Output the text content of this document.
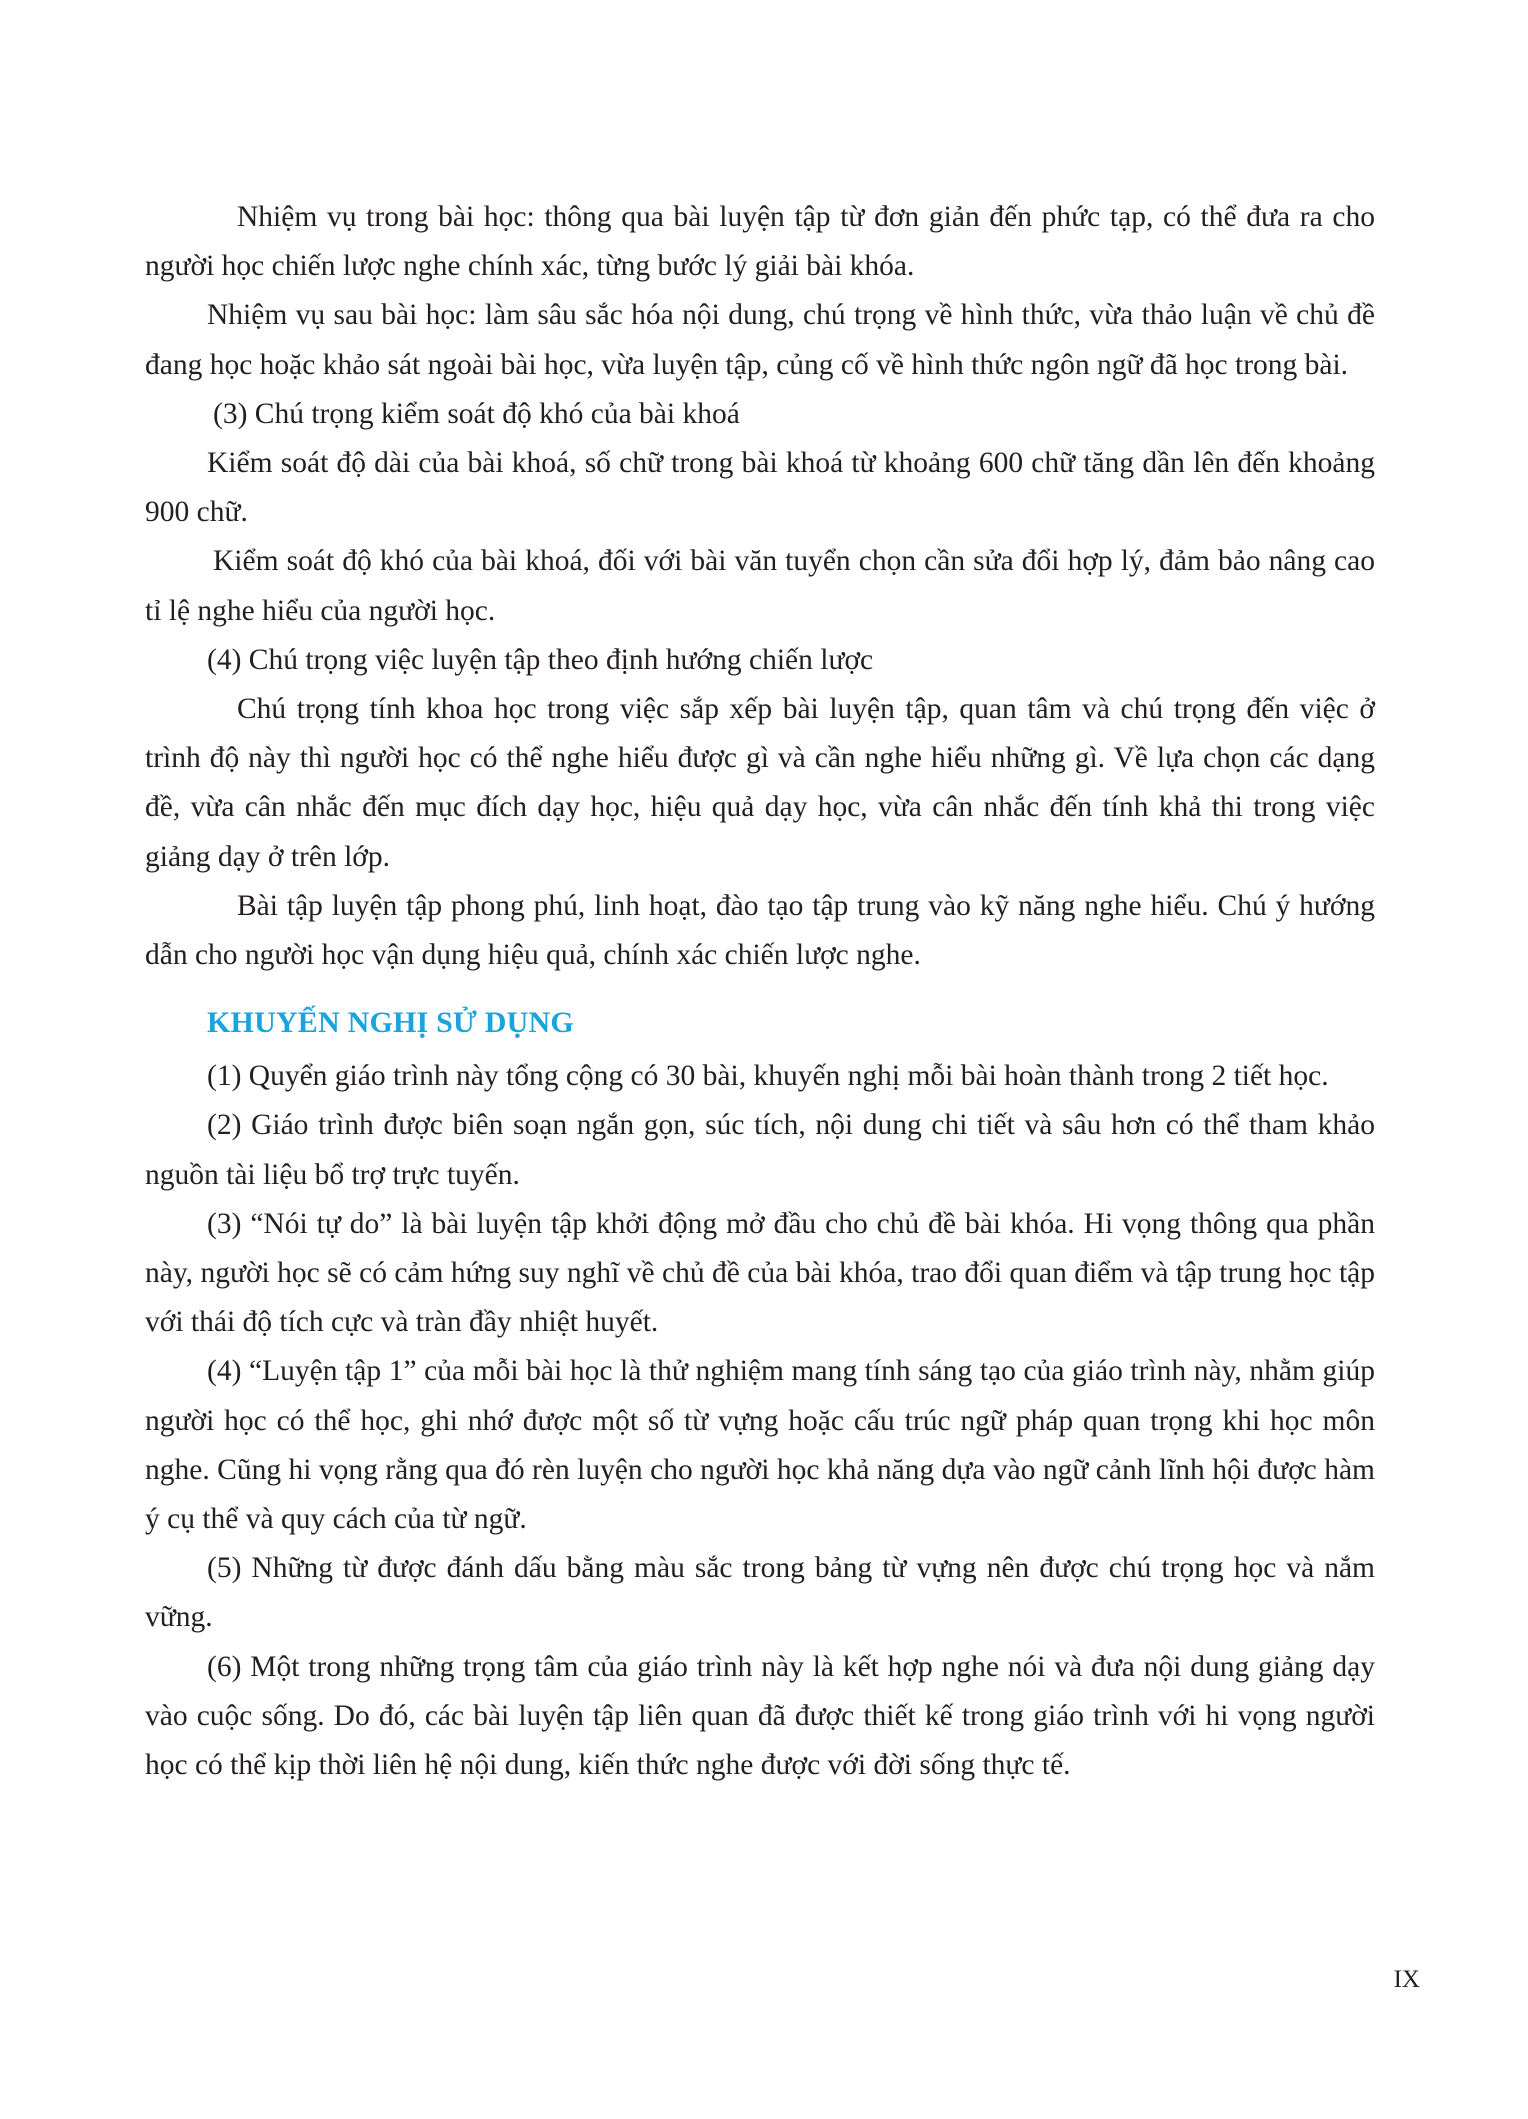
Nhiệm vụ trong bài học: thông qua bài luyện tập từ đơn giản đến phức tạp, có thể đưa ra cho người học chiến lược nghe chính xác, từng bước lý giải bài khóa.

Nhiệm vụ sau bài học: làm sâu sắc hóa nội dung, chú trọng về hình thức, vừa thảo luận về chủ đề đang học hoặc khảo sát ngoài bài học, vừa luyện tập, củng cố về hình thức ngôn ngữ đã học trong bài.

(3) Chú trọng kiểm soát độ khó của bài khoá

Kiểm soát độ dài của bài khoá, số chữ trong bài khoá từ khoảng 600 chữ tăng dần lên đến khoảng 900 chữ.

Kiểm soát độ khó của bài khoá, đối với bài văn tuyển chọn cần sửa đổi hợp lý, đảm bảo nâng cao tỉ lệ nghe hiểu của người học.

(4) Chú trọng việc luyện tập theo định hướng chiến lược

Chú trọng tính khoa học trong việc sắp xếp bài luyện tập, quan tâm và chú trọng đến việc ở trình độ này thì người học có thể nghe hiểu được gì và cần nghe hiểu những gì. Về lựa chọn các dạng đề, vừa cân nhắc đến mục đích dạy học, hiệu quả dạy học, vừa cân nhắc đến tính khả thi trong việc giảng dạy ở trên lớp.

Bài tập luyện tập phong phú, linh hoạt, đào tạo tập trung vào kỹ năng nghe hiểu. Chú ý hướng dẫn cho người học vận dụng hiệu quả, chính xác chiến lược nghe.

KHUYẾN NGHỊ SỬ DỤNG

(1) Quyển giáo trình này tổng cộng có 30 bài, khuyến nghị mỗi bài hoàn thành trong 2 tiết học.

(2) Giáo trình được biên soạn ngắn gọn, súc tích, nội dung chi tiết và sâu hơn có thể tham khảo nguồn tài liệu bổ trợ trực tuyến.

(3) “Nói tự do” là bài luyện tập khởi động mở đầu cho chủ đề bài khóa. Hi vọng thông qua phần này, người học sẽ có cảm hứng suy nghĩ về chủ đề của bài khóa, trao đổi quan điểm và tập trung học tập với thái độ tích cực và tràn đầy nhiệt huyết.

(4) “Luyện tập 1” của mỗi bài học là thử nghiệm mang tính sáng tạo của giáo trình này, nhằm giúp người học có thể học, ghi nhớ được một số từ vựng hoặc cấu trúc ngữ pháp quan trọng khi học môn nghe. Cũng hi vọng rằng qua đó rèn luyện cho người học khả năng dựa vào ngữ cảnh lĩnh hội được hàm ý cụ thể và quy cách của từ ngữ.

(5) Những từ được đánh dấu bằng màu sắc trong bảng từ vựng nên được chú trọng học và nắm vững.

(6) Một trong những trọng tâm của giáo trình này là kết hợp nghe nói và đưa nội dung giảng dạy vào cuộc sống. Do đó, các bài luyện tập liên quan đã được thiết kế trong giáo trình với hi vọng người học có thể kịp thời liên hệ nội dung, kiến thức nghe được với đời sống thực tế.

IX
